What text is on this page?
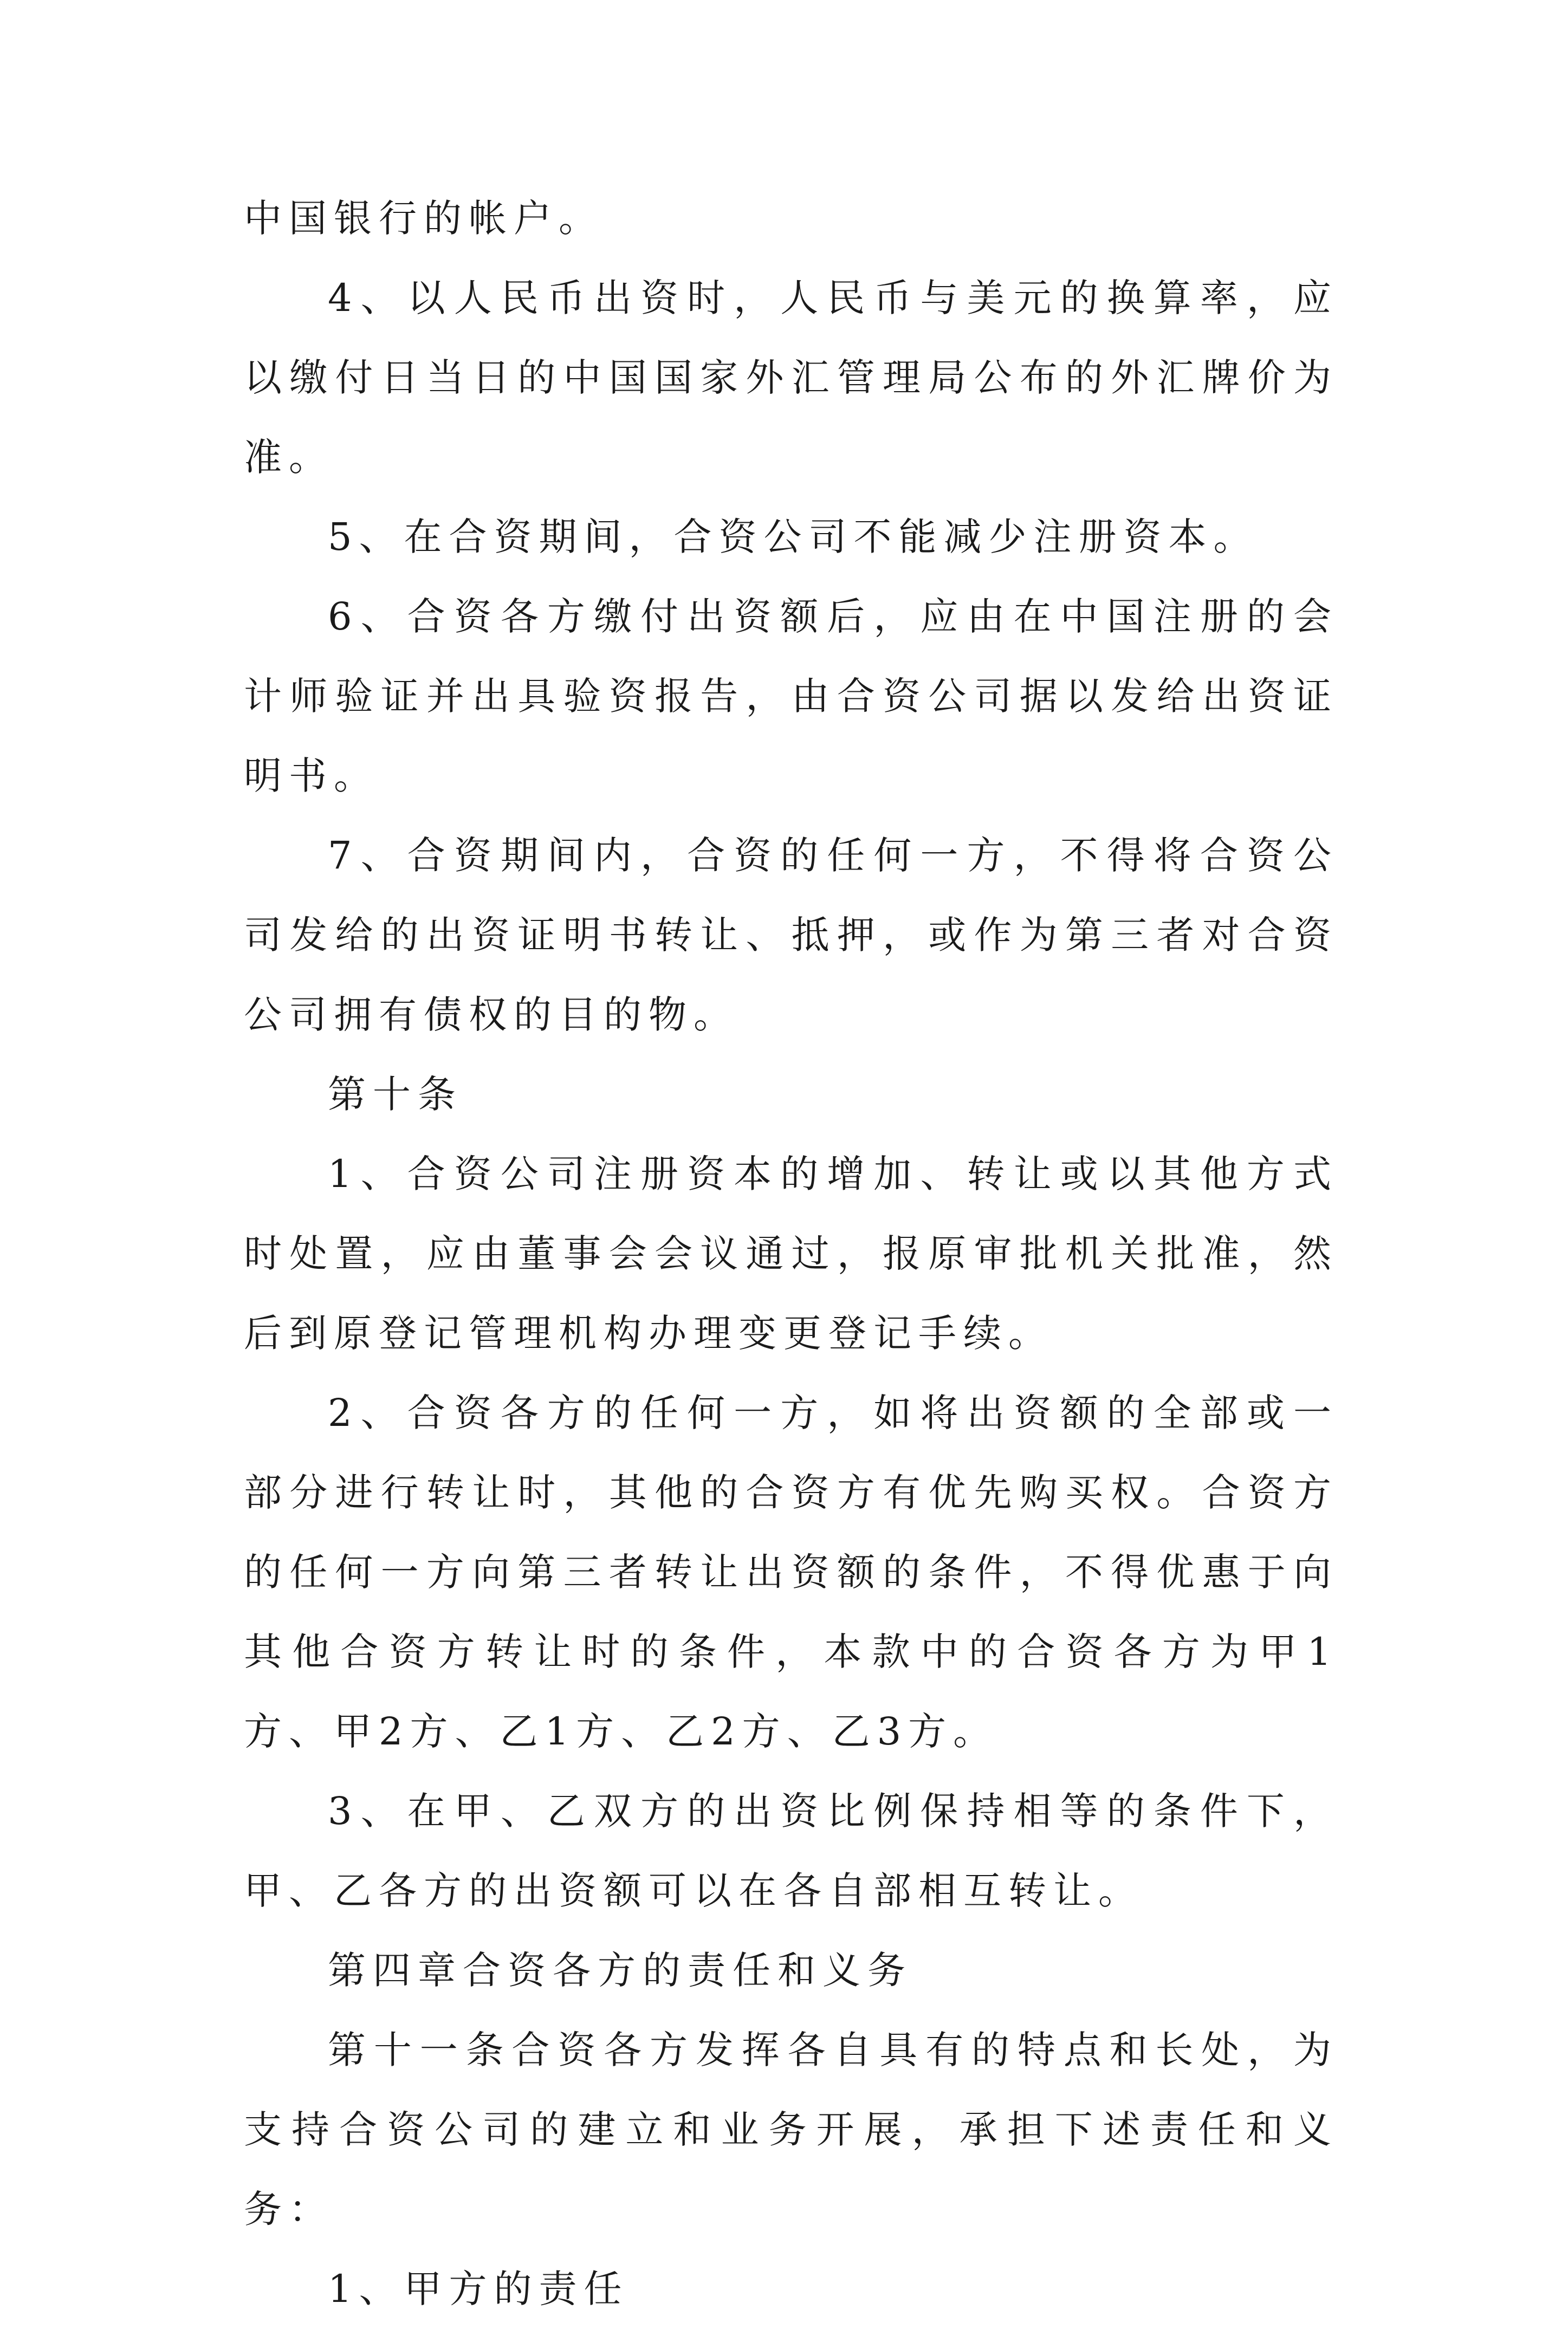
中国银行的帐户。

4、以人民币出资时，人民币与美元的换算率，应以缴付日当日的中国国家外汇管理局公布的外汇牌价为准。

5、在合资期间，合资公司不能减少注册资本。

6、合资各方缴付出资额后，应由在中国注册的会计师验证并出具验资报告，由合资公司据以发给出资证明书。

7、合资期间内，合资的任何一方，不得将合资公司发给的出资证明书转让、抵押，或作为第三者对合资公司拥有债权的目的物。

第十条

1、合资公司注册资本的增加、转让或以其他方式时处置，应由董事会会议通过，报原审批机关批准，然后到原登记管理机构办理变更登记手续。

2、合资各方的任何一方，如将出资额的全部或一部分进行转让时，其他的合资方有优先购买权。合资方的任何一方向第三者转让出资额的条件，不得优惠于向其他合资方转让时的条件，本款中的合资各方为甲1方、甲2方、乙1方、乙2方、乙3方。

3、在甲、乙双方的出资比例保持相等的条件下，甲、乙各方的出资额可以在各自部相互转让。

第四章合资各方的责任和义务

第十一条合资各方发挥各自具有的特点和长处，为支持合资公司的建立和业务开展，承担下述责任和义务：

1、甲方的责任
